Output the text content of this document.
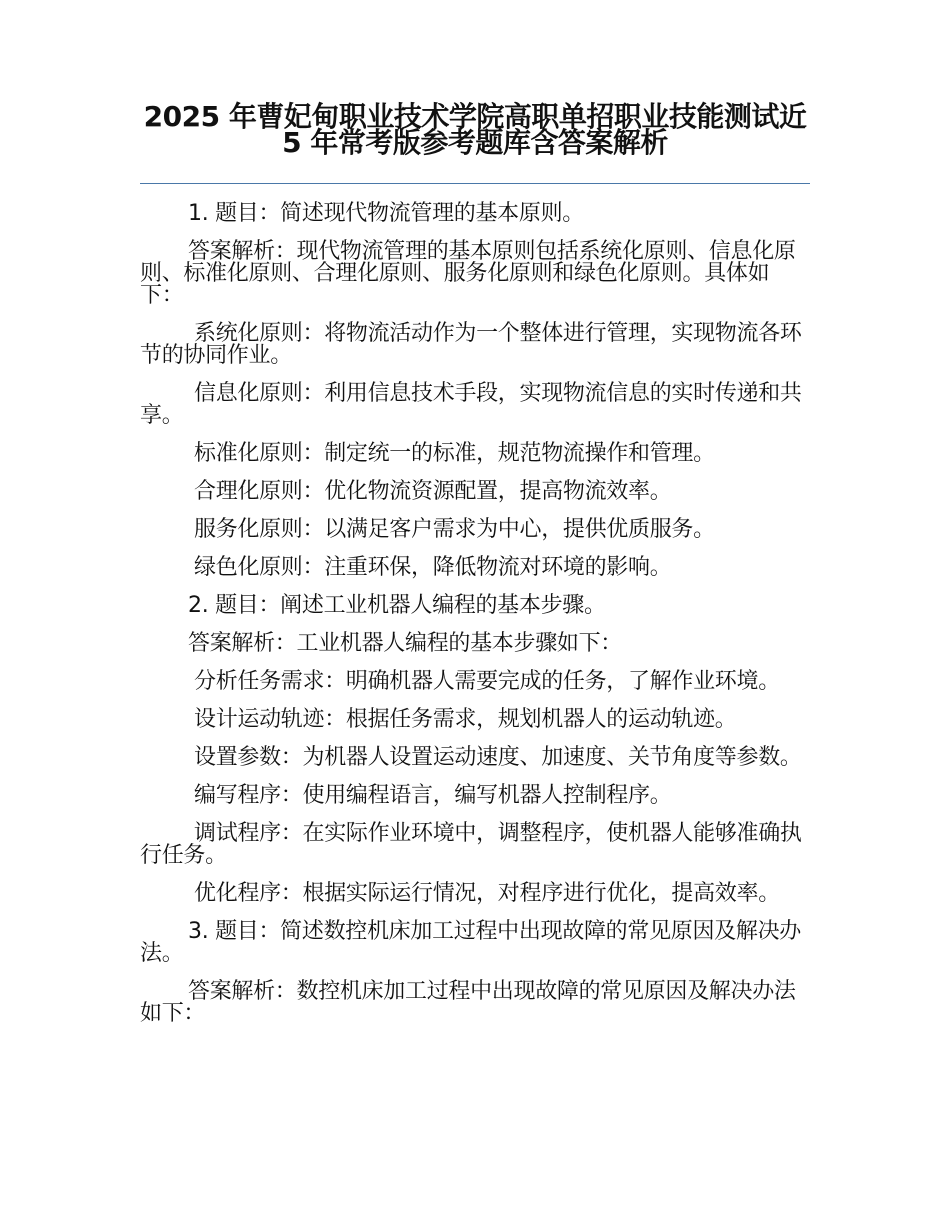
2025 年曹妃甸职业技术学院高职单招职业技能测试近 5 年常考版参考题库含答案解析

1. 题目：简述现代物流管理的基本原则。

答案解析：现代物流管理的基本原则包括系统化原则、信息化原则、标准化原则、合理化原则、服务化原则和绿色化原则。具体如下：

系统化原则：将物流活动作为一个整体进行管理，实现物流各环节的协同作业。

信息化原则：利用信息技术手段，实现物流信息的实时传递和共享。

标准化原则：制定统一的标准，规范物流操作和管理。

合理化原则：优化物流资源配置，提高物流效率。

服务化原则：以满足客户需求为中心，提供优质服务。

绿色化原则：注重环保，降低物流对环境的影响。

2. 题目：阐述工业机器人编程的基本步骤。

答案解析：工业机器人编程的基本步骤如下：

分析任务需求：明确机器人需要完成的任务，了解作业环境。

设计运动轨迹：根据任务需求，规划机器人的运动轨迹。

设置参数：为机器人设置运动速度、加速度、关节角度等参数。

编写程序：使用编程语言，编写机器人控制程序。

调试程序：在实际作业环境中，调整程序，使机器人能够准确执行任务。

优化程序：根据实际运行情况，对程序进行优化，提高效率。

3. 题目：简述数控机床加工过程中出现故障的常见原因及解决办法。

答案解析：数控机床加工过程中出现故障的常见原因及解决办法如下：
